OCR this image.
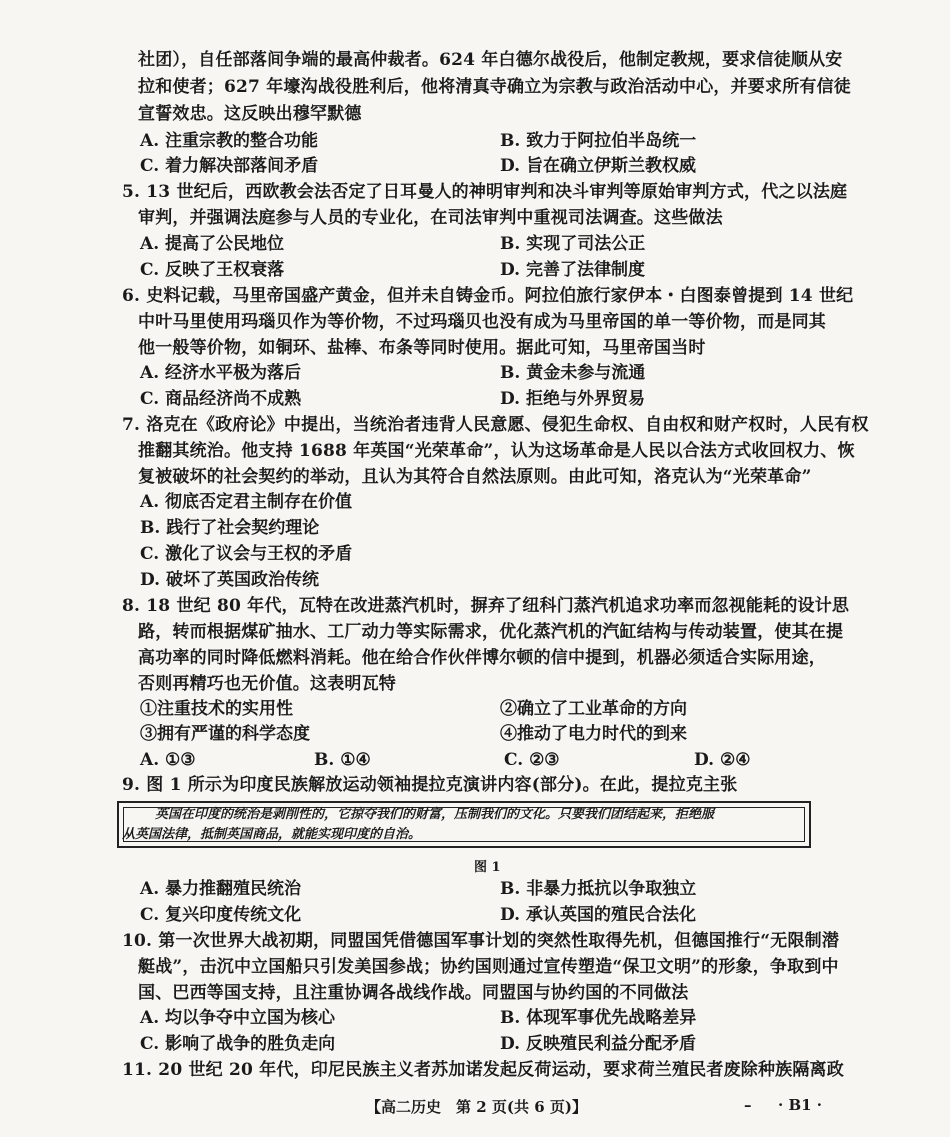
社团），自任部落间争端的最高仲裁者。624 年白德尔战役后，他制定教规，要求信徒顺从安
拉和使者；627 年壕沟战役胜利后，他将清真寺确立为宗教与政治活动中心，并要求所有信徒
宣誓效忠。这反映出穆罕默德
A. 注重宗教的整合功能	B. 致力于阿拉伯半岛统一
C. 着力解决部落间矛盾	D. 旨在确立伊斯兰教权威
5. 13 世纪后，西欧教会法否定了日耳曼人的神明审判和决斗审判等原始审判方式，代之以法庭
审判，并强调法庭参与人员的专业化，在司法审判中重视司法调查。这些做法
A. 提高了公民地位	B. 实现了司法公正
C. 反映了王权衰落	D. 完善了法律制度
6. 史料记载，马里帝国盛产黄金，但并未自铸金币。阿拉伯旅行家伊本・白图泰曾提到 14 世纪
中叶马里使用玛瑙贝作为等价物，不过玛瑙贝也没有成为马里帝国的单一等价物，而是同其
他一般等价物，如铜环、盐棒、布条等同时使用。据此可知，马里帝国当时
A. 经济水平极为落后	B. 黄金未参与流通
C. 商品经济尚不成熟	D. 拒绝与外界贸易
7. 洛克在《政府论》中提出，当统治者违背人民意愿、侵犯生命权、自由权和财产权时，人民有权
推翻其统治。他支持 1688 年英国“光荣革命”，认为这场革命是人民以合法方式收回权力、恢
复被破坏的社会契约的举动，且认为其符合自然法原则。由此可知，洛克认为“光荣革命”
A. 彻底否定君主制存在价值
B. 践行了社会契约理论
C. 激化了议会与王权的矛盾
D. 破坏了英国政治传统
8. 18 世纪 80 年代，瓦特在改进蒸汽机时，摒弃了纽科门蒸汽机追求功率而忽视能耗的设计思
路，转而根据煤矿抽水、工厂动力等实际需求，优化蒸汽机的汽缸结构与传动装置，使其在提
高功率的同时降低燃料消耗。他在给合作伙伴博尔顿的信中提到，机器必须适合实际用途，
否则再精巧也无价值。这表明瓦特
①注重技术的实用性	②确立了工业革命的方向
③拥有严谨的科学态度	④推动了电力时代的到来
A. ①③	B. ①④	C. ②③	D. ②④
9. 图 1 所示为印度民族解放运动领袖提拉克演讲内容(部分)。在此，提拉克主张
英国在印度的统治是剥削性的，它掠夺我们的财富，压制我们的文化。只要我们团结起来，拒绝服
从英国法律，抵制英国商品，就能实现印度的自治。
图 1
A. 暴力推翻殖民统治	B. 非暴力抵抗以争取独立
C. 复兴印度传统文化	D. 承认英国的殖民合法化
10. 第一次世界大战初期，同盟国凭借德国军事计划的突然性取得先机，但德国推行“无限制潜
艇战”，击沉中立国船只引发美国参战；协约国则通过宣传塑造“保卫文明”的形象，争取到中
国、巴西等国支持，且注重协调各战线作战。同盟国与协约国的不同做法
A. 均以争夺中立国为核心	B. 体现军事优先战略差异
C. 影响了战争的胜负走向	D. 反映殖民利益分配矛盾
11. 20 世纪 20 年代，印尼民族主义者苏加诺发起反荷运动，要求荷兰殖民者废除种族隔离政
【高二历史　第 2 页(共 6 页)】	– · B1 ·
